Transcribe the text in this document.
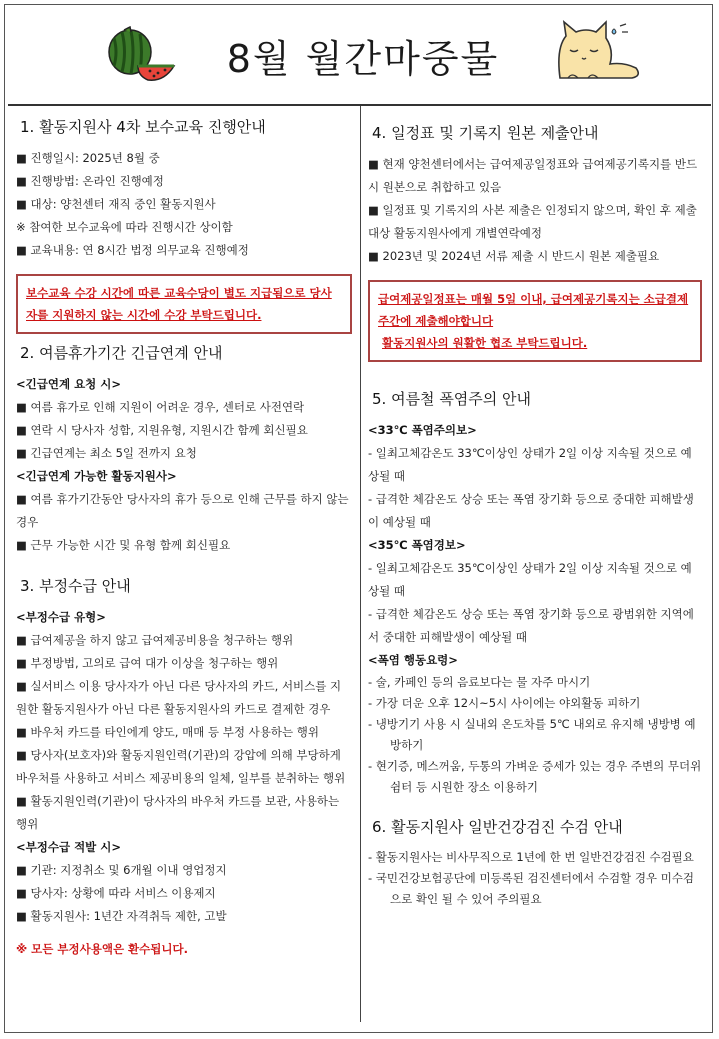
8월 월간마중물
1. 활동지원사 4차 보수교육 진행안내
■ 진행일시: 2025년 8월 중
■ 진행방법: 온라인 진행예정
■ 대상: 양천센터 재직 중인 활동지원사
※ 참여한 보수교육에 따라 진행시간 상이함
■ 교육내용: 연 8시간 법정 의무교육 진행예정
보수교육 수강 시간에 따른 교육수당이 별도 지급됨으로 당사자를 지원하지 않는 시간에 수강 부탁드립니다.
2. 여름휴가기간 긴급연계 안내
<긴급연계 요청 시>
■ 여름 휴가로 인해 지원이 어려운 경우, 센터로 사전연락
■ 연락 시 당사자 성함, 지원유형, 지원시간 함께 회신필요
■ 긴급연계는 최소 5일 전까지 요청
<긴급연계 가능한 활동지원사>
■ 여름 휴가기간동안 당사자의 휴가 등으로 인해 근무를 하지 않는 경우
■ 근무 가능한 시간 및 유형 함께 회신필요
3. 부정수급 안내
<부정수급 유형>
■ 급여제공을 하지 않고 급여제공비용을 청구하는 행위
■ 부정방법, 고의로 급여 대가 이상을 청구하는 행위
■ 실서비스 이용 당사자가 아닌 다른 당사자의 카드, 서비스를 지원한 활동지원사가 아닌 다른 활동지원사의 카드로 결제한 경우
■ 바우처 카드를 타인에게 양도, 매매 등 부정 사용하는 행위
■ 당사자(보호자)와 활동지원인력(기관)의 강압에 의해 부당하게 바우처를 사용하고 서비스 제공비용의 일체, 일부를 분취하는 행위
■ 활동지원인력(기관)이 당사자의 바우처 카드를 보관, 사용하는 행위
<부정수급 적발 시>
■ 기관: 지정취소 및 6개월 이내 영업정지
■ 당사자: 상황에 따라 서비스 이용제지
■ 활동지원사: 1년간 자격취득 제한, 고발
※ 모든 부정사용액은 환수됩니다.
4. 일정표 및 기록지 원본 제출안내
■ 현재 양천센터에서는 급여제공일정표와 급여제공기록지를 반드시 원본으로 취합하고 있음
■ 일정표 및 기록지의 사본 제출은 인정되지 않으며, 확인 후 제출 대상 활동지원사에게 개별연락예정
■ 2023년 및 2024년 서류 제출 시 반드시 원본 제출필요
급여제공일정표는 매월 5일 이내, 급여제공기록지는 소급결제 주간에 제출해야합니다
활동지원사의 원활한 협조 부탁드립니다.
5. 여름철 폭염주의 안내
<33℃ 폭염주의보>
- 일최고체감온도 33℃이상인 상태가 2일 이상 지속될 것으로 예상될 때
- 급격한 체감온도 상승 또는 폭염 장기화 등으로 중대한 피해발생이 예상될 때
<35℃ 폭염경보>
- 일최고체감온도 35℃이상인 상태가 2일 이상 지속될 것으로 예상될 때
- 급격한 체감온도 상승 또는 폭염 장기화 등으로 광범위한 지역에서 중대한 피해발생이 예상될 때
<폭염 행동요령>
- 술, 카페인 등의 음료보다는 물 자주 마시기
- 가장 더운 오후 12시~5시 사이에는 야외활동 피하기
- 냉방기기 사용 시 실내외 온도차를 5℃ 내외로 유지해 냉방병 예방하기
- 현기증, 메스꺼움, 두통의 가벼운 증세가 있는 경우 주변의 무더위 쉼터 등 시원한 장소 이용하기
6. 활동지원사 일반건강검진 수검 안내
- 활동지원사는 비사무직으로 1년에 한 번 일반건강검진 수검필요
- 국민건강보험공단에 미등록된 검진센터에서 수검할 경우 미수검으로 확인 될 수 있어 주의필요
